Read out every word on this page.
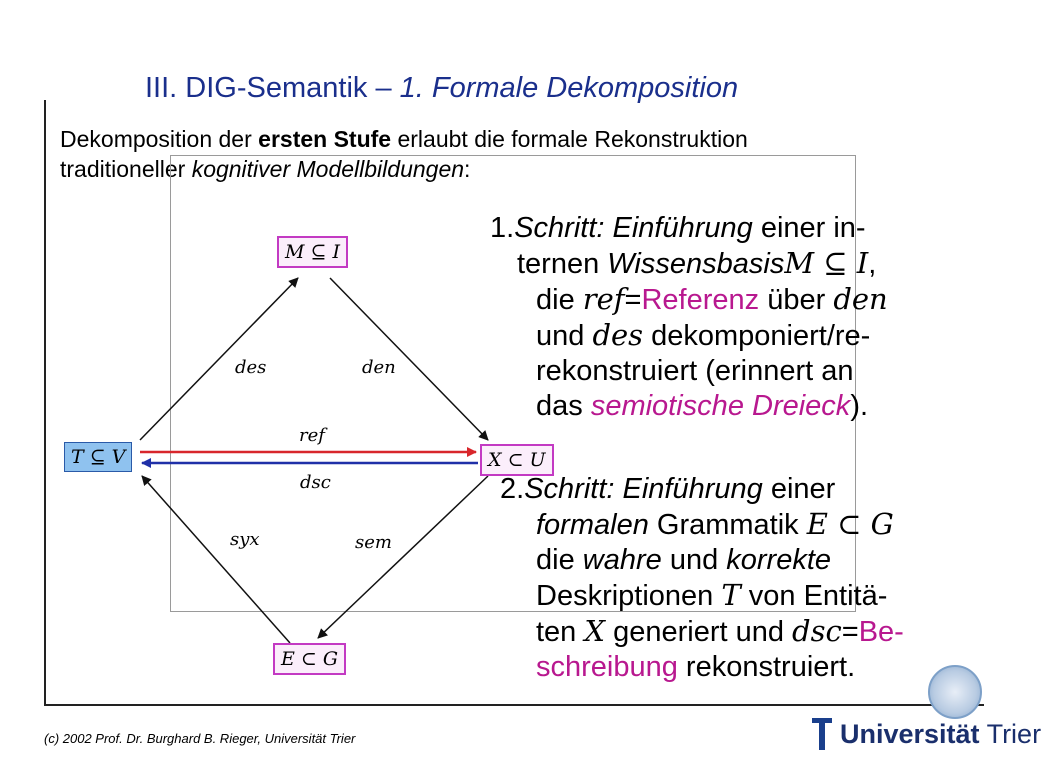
III. DIG-Semantik – 1. Formale Dekomposition
Dekomposition der ersten Stufe erlaubt die formale Rekonstruktion
traditioneller kognitiver Modellbildungen:
M ⊆ I
T ⊆ V	X ⊂ U
E ⊂ G
des	den
ref
dsc
syx	sem
1.Schritt: Einführung einer in-
ternen WissensbasisM ⊆ I,
die ref=Referenz über den
und des dekomponiert/re-
rekonstruiert (erinnert an
das semiotische Dreieck).
2.Schritt: Einführung einer
formalen Grammatik E ⊂ G
die wahre und korrekte
Deskriptionen T von Entitä-
ten X generiert und dsc=Be-
schreibung rekonstruiert.
(c) 2002 Prof. Dr. Burghard B. Rieger, Universität Trier	Universität Trier
